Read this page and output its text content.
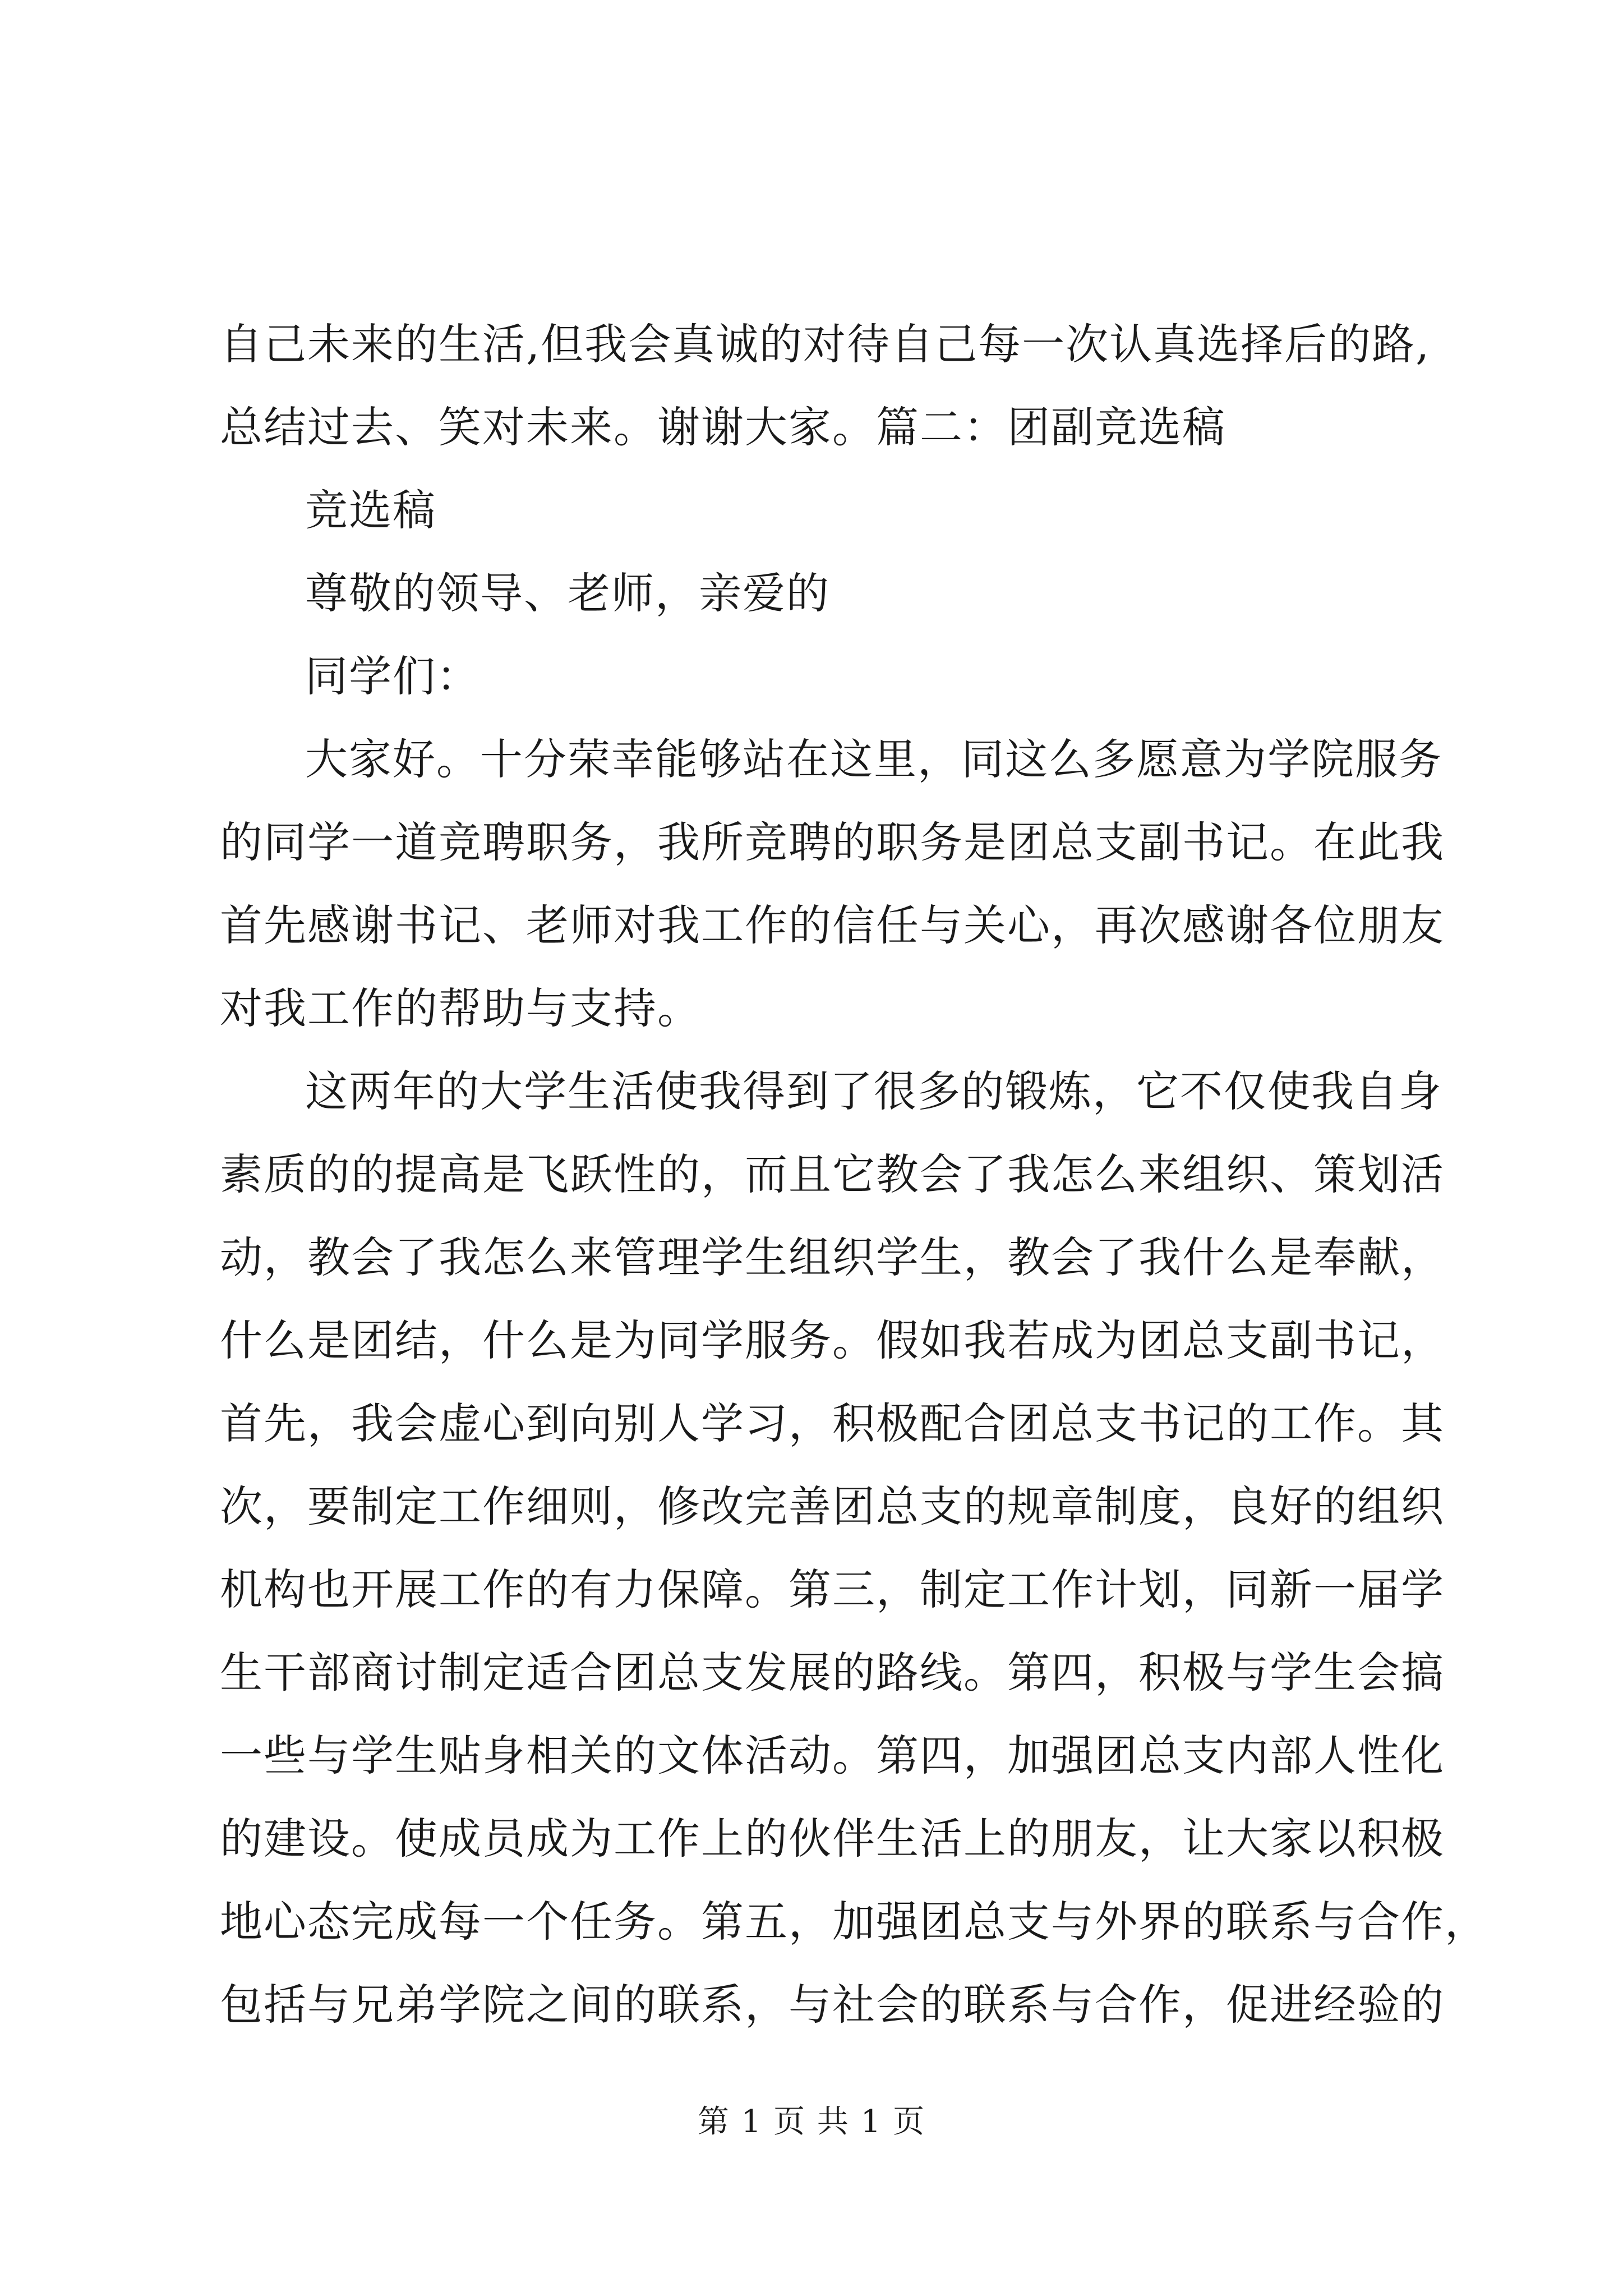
自己未来的生活,但我会真诚的对待自己每一次认真选择后的路,
总结过去、笑对未来。谢谢大家。篇二：团副竞选稿
竞选稿
尊敬的领导、老师，亲爱的
同学们：
大家好。十分荣幸能够站在这里，同这么多愿意为学院服务
的同学一道竞聘职务，我所竞聘的职务是团总支副书记。在此我
首先感谢书记、老师对我工作的信任与关心，再次感谢各位朋友
对我工作的帮助与支持。
这两年的大学生活使我得到了很多的锻炼，它不仅使我自身
素质的的提高是飞跃性的，而且它教会了我怎么来组织、策划活
动，教会了我怎么来管理学生组织学生，教会了我什么是奉献，
什么是团结，什么是为同学服务。假如我若成为团总支副书记，
首先，我会虚心到向别人学习，积极配合团总支书记的工作。其
次，要制定工作细则，修改完善团总支的规章制度，良好的组织
机构也开展工作的有力保障。第三，制定工作计划，同新一届学
生干部商讨制定适合团总支发展的路线。第四，积极与学生会搞
一些与学生贴身相关的文体活动。第四，加强团总支内部人性化
的建设。使成员成为工作上的伙伴生活上的朋友，让大家以积极
地心态完成每一个任务。第五，加强团总支与外界的联系与合作，
包括与兄弟学院之间的联系，与社会的联系与合作，促进经验的
第 1 页 共 1 页
